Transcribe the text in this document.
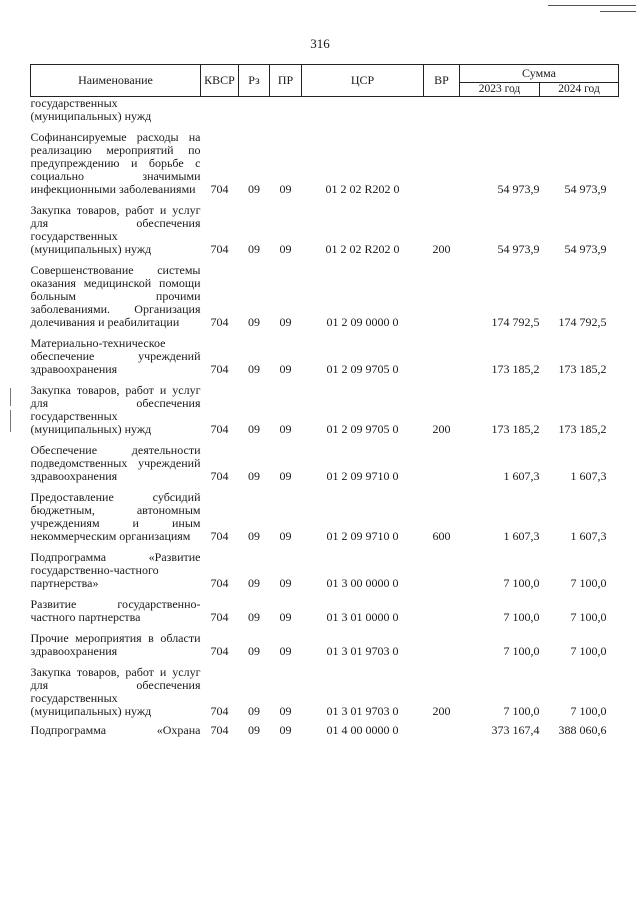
316
Наименование	КВСР	Рз	ПР	ЦСР	ВР	Сумма	
						2023 год	2024 год
государственных (муниципальных) нужд							

Софинансируемые расходы на реализацию мероприятий по предупреждению и борьбе с социально значимыми инфекционными заболеваниями	704	09	09	01 2 02 R202 0		54 973,9	54 973,9

Закупка товаров, работ и услуг для обеспечения государственных (муниципальных) нужд	704	09	09	01 2 02 R202 0	200	54 973,9	54 973,9

Совершенствование системы оказания медицинской помощи больным прочими заболеваниями. Организация долечивания и реабилитации	704	09	09	01 2 09 0000 0		174 792,5	174 792,5

Материально-техническое обеспечение учреждений здравоохранения	704	09	09	01 2 09 9705 0		173 185,2	173 185,2

Закупка товаров, работ и услуг для обеспечения государственных (муниципальных) нужд	704	09	09	01 2 09 9705 0	200	173 185,2	173 185,2

Обеспечение деятельности подведомственных учреждений здравоохранения	704	09	09	01 2 09 9710 0		1 607,3	1 607,3

Предоставление субсидий бюджетным, автономным учреждениям и иным некоммерческим организациям	704	09	09	01 2 09 9710 0	600	1 607,3	1 607,3

Подпрограмма «Развитие государственно-частного партнерства»	704	09	09	01 3 00 0000 0		7 100,0	7 100,0

Развитие государственно-частного партнерства	704	09	09	01 3 01 0000 0		7 100,0	7 100,0

Прочие мероприятия в области здравоохранения	704	09	09	01 3 01 9703 0		7 100,0	7 100,0

Закупка товаров, работ и услуг для обеспечения государственных (муниципальных) нужд	704	09	09	01 3 01 9703 0	200	7 100,0	7 100,0

Подпрограмма «Охрана	704	09	09	01 4 00 0000 0		373 167,4	388 060,6
